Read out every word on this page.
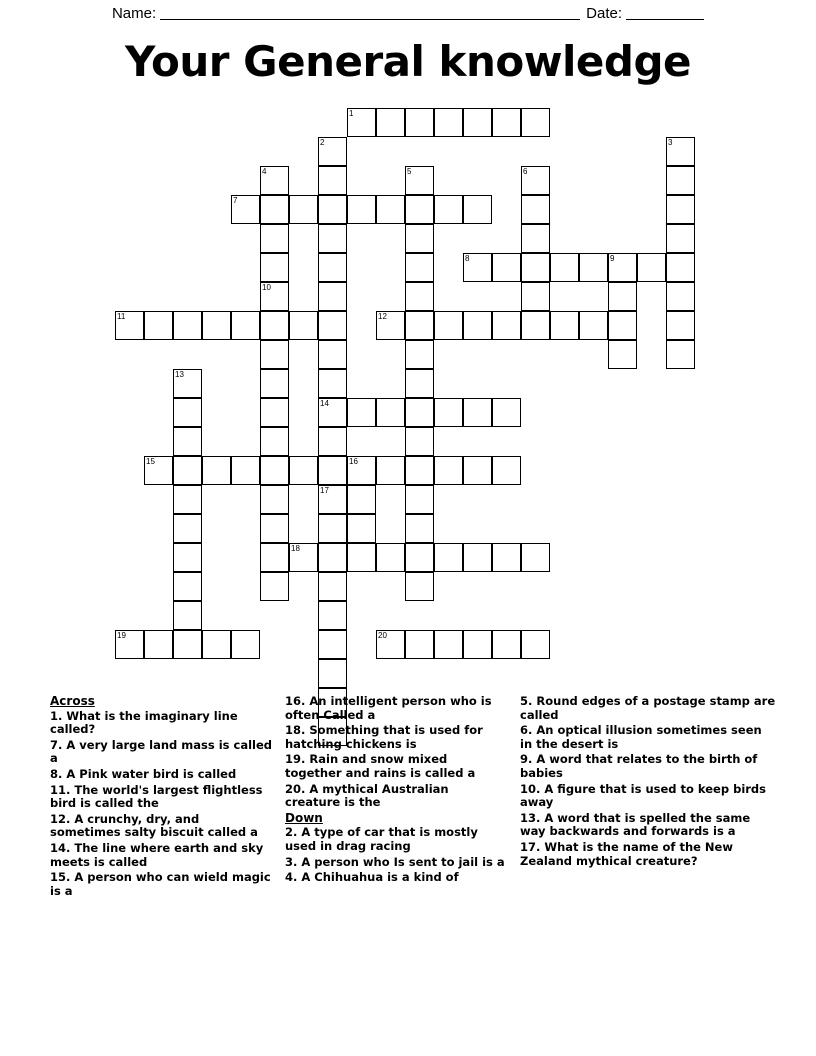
Name:	Date:
Your General knowledge
1
2
14
3
4	5	6
7
8	9
10
11	12
13
15	16
17
18
19	20
Across
1. What is the imaginary line called?
7. A very large land mass is called a
8. A Pink water bird is called
11. The world's largest flightless bird is called the
12. A crunchy, dry, and sometimes salty biscuit called a
14. The line where earth and sky meets is called
15. A person who can wield magic is a
16. An intelligent person who is often Called a
18. Something that is used for hatching chickens is
19. Rain and snow mixed together and rains is called a
20. A mythical Australian creature is the
Down
2. A type of car that is mostly used in drag racing
3. A person who Is sent to jail is a
4. A Chihuahua is a kind of
5. Round edges of a postage stamp are called
6. An optical illusion sometimes seen in the desert is
9. A word that relates to the birth of babies
10. A figure that is used to keep birds away
13. A word that is spelled the same way backwards and forwards is a
17. What is the name of the New Zealand mythical creature?
